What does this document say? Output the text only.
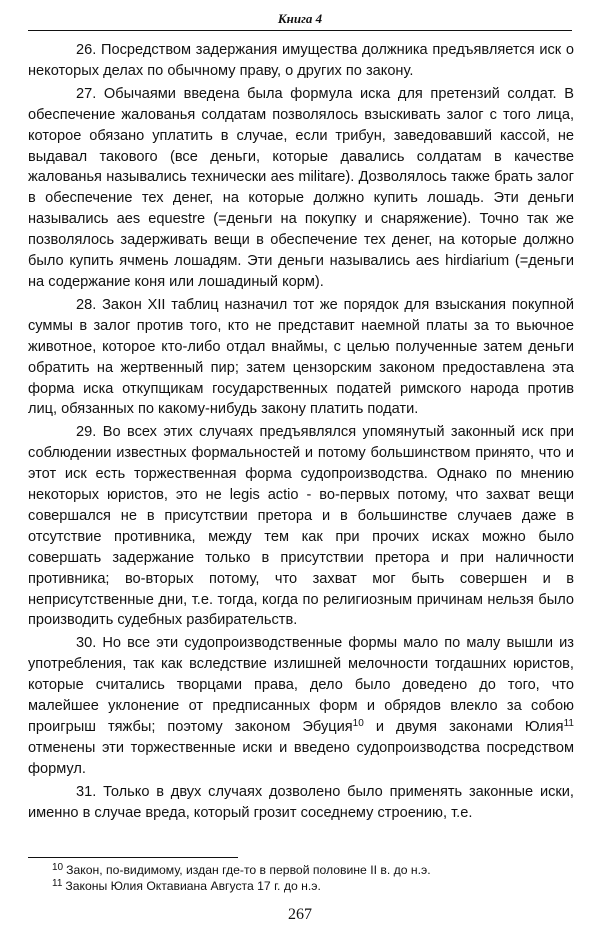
Книга 4

26. Посредством задержания имущества должника предъявляется иск о некоторых делах по обычному праву, о других по закону.

27. Обычаями введена была формула иска для претензий солдат. В обеспечение жалованья солдатам позволялось взыскивать залог с того лица, которое обязано уплатить в случае, если трибун, заведовавший кассой, не выдавал такового (все деньги, которые давались солдатам в качестве жалованья назывались технически aes militare). Дозволялось также брать залог в обеспечение тех денег, на которые должно купить лошадь. Эти деньги назывались aes equestre (=деньги на покупку и снаряжение). Точно так же позволялось задерживать вещи в обеспечение тех денег, на которые должно было купить ячмень лошадям. Эти деньги назывались aes hirdiarium (=деньги на содержание коня или лошадиный корм).

28. Закон XII таблиц назначил тот же порядок для взыскания покупной суммы в залог против того, кто не представит наемной платы за то вьючное животное, которое кто-либо отдал внаймы, с целью полученные затем деньги обратить на жертвенный пир; затем цензорским законом предоставлена эта форма иска откупщикам государственных податей римского народа против лиц, обязанных по какому-нибудь закону платить подати.

29. Во всех этих случаях предъявлялся упомянутый законный иск при соблюдении известных формальностей и потому большинством принято, что и этот иск есть торжественная форма судопроизводства. Однако по мнению некоторых юристов, это не legis actio - во-первых потому, что захват вещи совершался не в присутствии претора и в большинстве случаев даже в отсутствие противника, между тем как при прочих исках можно было совершать задержание только в присутствии претора и при наличности противника; во-вторых потому, что захват мог быть совершен и в неприсутственные дни, т.е. тогда, когда по религиозным причинам нельзя было производить судебных разбирательств.

30. Но все эти судопроизводственные формы мало по малу вышли из употребления, так как вследствие излишней мелочности тогдашних юристов, которые считались творцами права, дело было доведено до того, что малейшее уклонение от предписанных форм и обрядов влекло за собою проигрыш тяжбы; поэтому законом Эбуция$^{10}$ и двумя законами Юлия$^{11}$ отменены эти торжественные иски и введено судопроизводства посредством формул.

31. Только в двух случаях дозволено было применять законные иски, именно в случае вреда, который грозит соседнему строению, т.е.

$^{10}$ Закон, по-видимому, издан где-то в первой половине II в. до н.э.
$^{11}$ Законы Юлия Октавиана Августа 17 г. до н.э.
267
